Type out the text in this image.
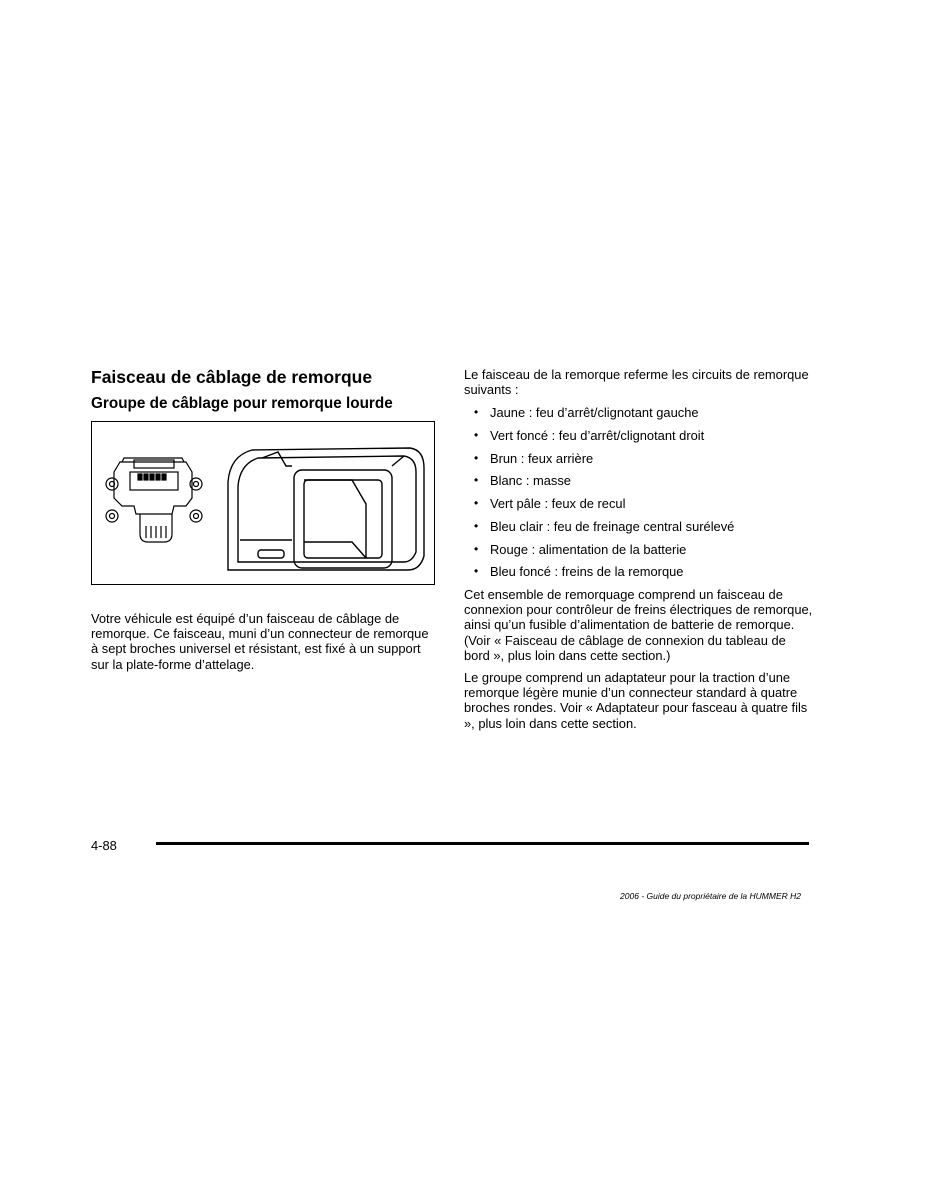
Faisceau de câblage de remorque
Groupe de câblage pour remorque lourde

Votre véhicule est équipé d’un faisceau de câblage de remorque. Ce faisceau, muni d’un connecteur de remorque à sept broches universel et résistant, est fixé à un support sur la plate-forme d’attelage.

Le faisceau de la remorque referme les circuits de remorque suivants :

• Jaune : feu d’arrêt/clignotant gauche
• Vert foncé : feu d’arrêt/clignotant droit
• Brun : feux arrière
• Blanc : masse
• Vert pâle : feux de recul
• Bleu clair : feu de freinage central surélevé
• Rouge : alimentation de la batterie
• Bleu foncé : freins de la remorque

Cet ensemble de remorquage comprend un faisceau de connexion pour contrôleur de freins électriques de remorque, ainsi qu’un fusible d’alimentation de batterie de remorque. (Voir « Faisceau de câblage de connexion du tableau de bord », plus loin dans cette section.)

Le groupe comprend un adaptateur pour la traction d’une remorque légère munie d’un connecteur standard à quatre broches rondes. Voir « Adaptateur pour fasceau à quatre fils », plus loin dans cette section.

4-88
2006 - Guide du propriétaire de la HUMMER H2
